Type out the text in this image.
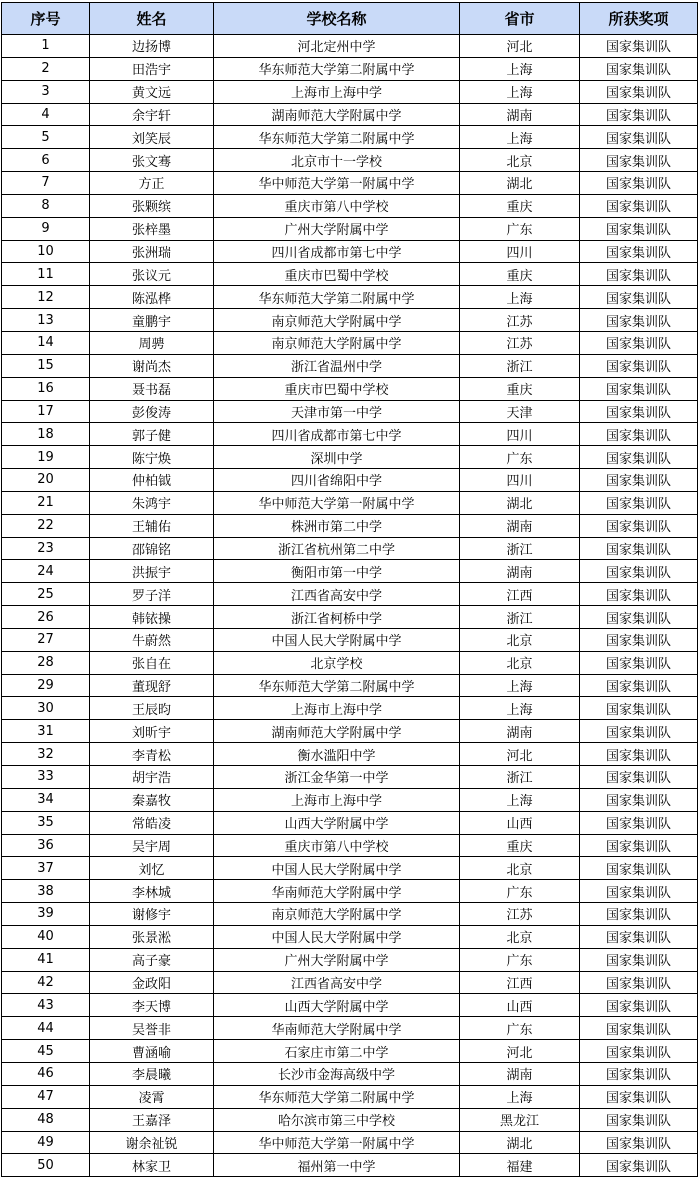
序号	姓名	学校名称	省市	所获奖项
1	边扬博	河北定州中学	河北	国家集训队
2	田浩宇	华东师范大学第二附属中学	上海	国家集训队
3	黄文远	上海市上海中学	上海	国家集训队
4	余宇轩	湖南师范大学附属中学	湖南	国家集训队
5	刘笑辰	华东师范大学第二附属中学	上海	国家集训队
6	张文骞	北京市十一学校	北京	国家集训队
7	方正	华中师范大学第一附属中学	湖北	国家集训队
8	张颗缤	重庆市第八中学校	重庆	国家集训队
9	张梓墨	广州大学附属中学	广东	国家集训队
10	张洲瑞	四川省成都市第七中学	四川	国家集训队
11	张议元	重庆市巴蜀中学校	重庆	国家集训队
12	陈泓桦	华东师范大学第二附属中学	上海	国家集训队
13	童鹏宇	南京师范大学附属中学	江苏	国家集训队
14	周骋	南京师范大学附属中学	江苏	国家集训队
15	谢尚杰	浙江省温州中学	浙江	国家集训队
16	聂书磊	重庆市巴蜀中学校	重庆	国家集训队
17	彭俊涛	天津市第一中学	天津	国家集训队
18	郭子健	四川省成都市第七中学	四川	国家集训队
19	陈宁焕	深圳中学	广东	国家集训队
20	仲柏钺	四川省绵阳中学	四川	国家集训队
21	朱鸿宇	华中师范大学第一附属中学	湖北	国家集训队
22	王辅佑	株洲市第二中学	湖南	国家集训队
23	邵锦铭	浙江省杭州第二中学	浙江	国家集训队
24	洪振宇	衡阳市第一中学	湖南	国家集训队
25	罗子洋	江西省高安中学	江西	国家集训队
26	韩铱操	浙江省柯桥中学	浙江	国家集训队
27	牛蔚然	中国人民大学附属中学	北京	国家集训队
28	张自在	北京学校	北京	国家集训队
29	董现舒	华东师范大学第二附属中学	上海	国家集训队
30	王辰昀	上海市上海中学	上海	国家集训队
31	刘昕宇	湖南师范大学附属中学	湖南	国家集训队
32	李青松	衡水滥阳中学	河北	国家集训队
33	胡宇浩	浙江金华第一中学	浙江	国家集训队
34	秦嘉牧	上海市上海中学	上海	国家集训队
35	常皓凌	山西大学附属中学	山西	国家集训队
36	吴宇周	重庆市第八中学校	重庆	国家集训队
37	刘忆	中国人民大学附属中学	北京	国家集训队
38	李林城	华南师范大学附属中学	广东	国家集训队
39	谢修宇	南京师范大学附属中学	江苏	国家集训队
40	张景淞	中国人民大学附属中学	北京	国家集训队
41	高子豪	广州大学附属中学	广东	国家集训队
42	金政阳	江西省高安中学	江西	国家集训队
43	李天博	山西大学附属中学	山西	国家集训队
44	吴誉非	华南师范大学附属中学	广东	国家集训队
45	曹涵喻	石家庄市第二中学	河北	国家集训队
46	李晨曦	长沙市金海高级中学	湖南	国家集训队
47	凌霄	华东师范大学第二附属中学	上海	国家集训队
48	王嘉泽	哈尔滨市第三中学校	黑龙江	国家集训队
49	谢余祉锐	华中师范大学第一附属中学	湖北	国家集训队
50	林家卫	福州第一中学	福建	国家集训队
